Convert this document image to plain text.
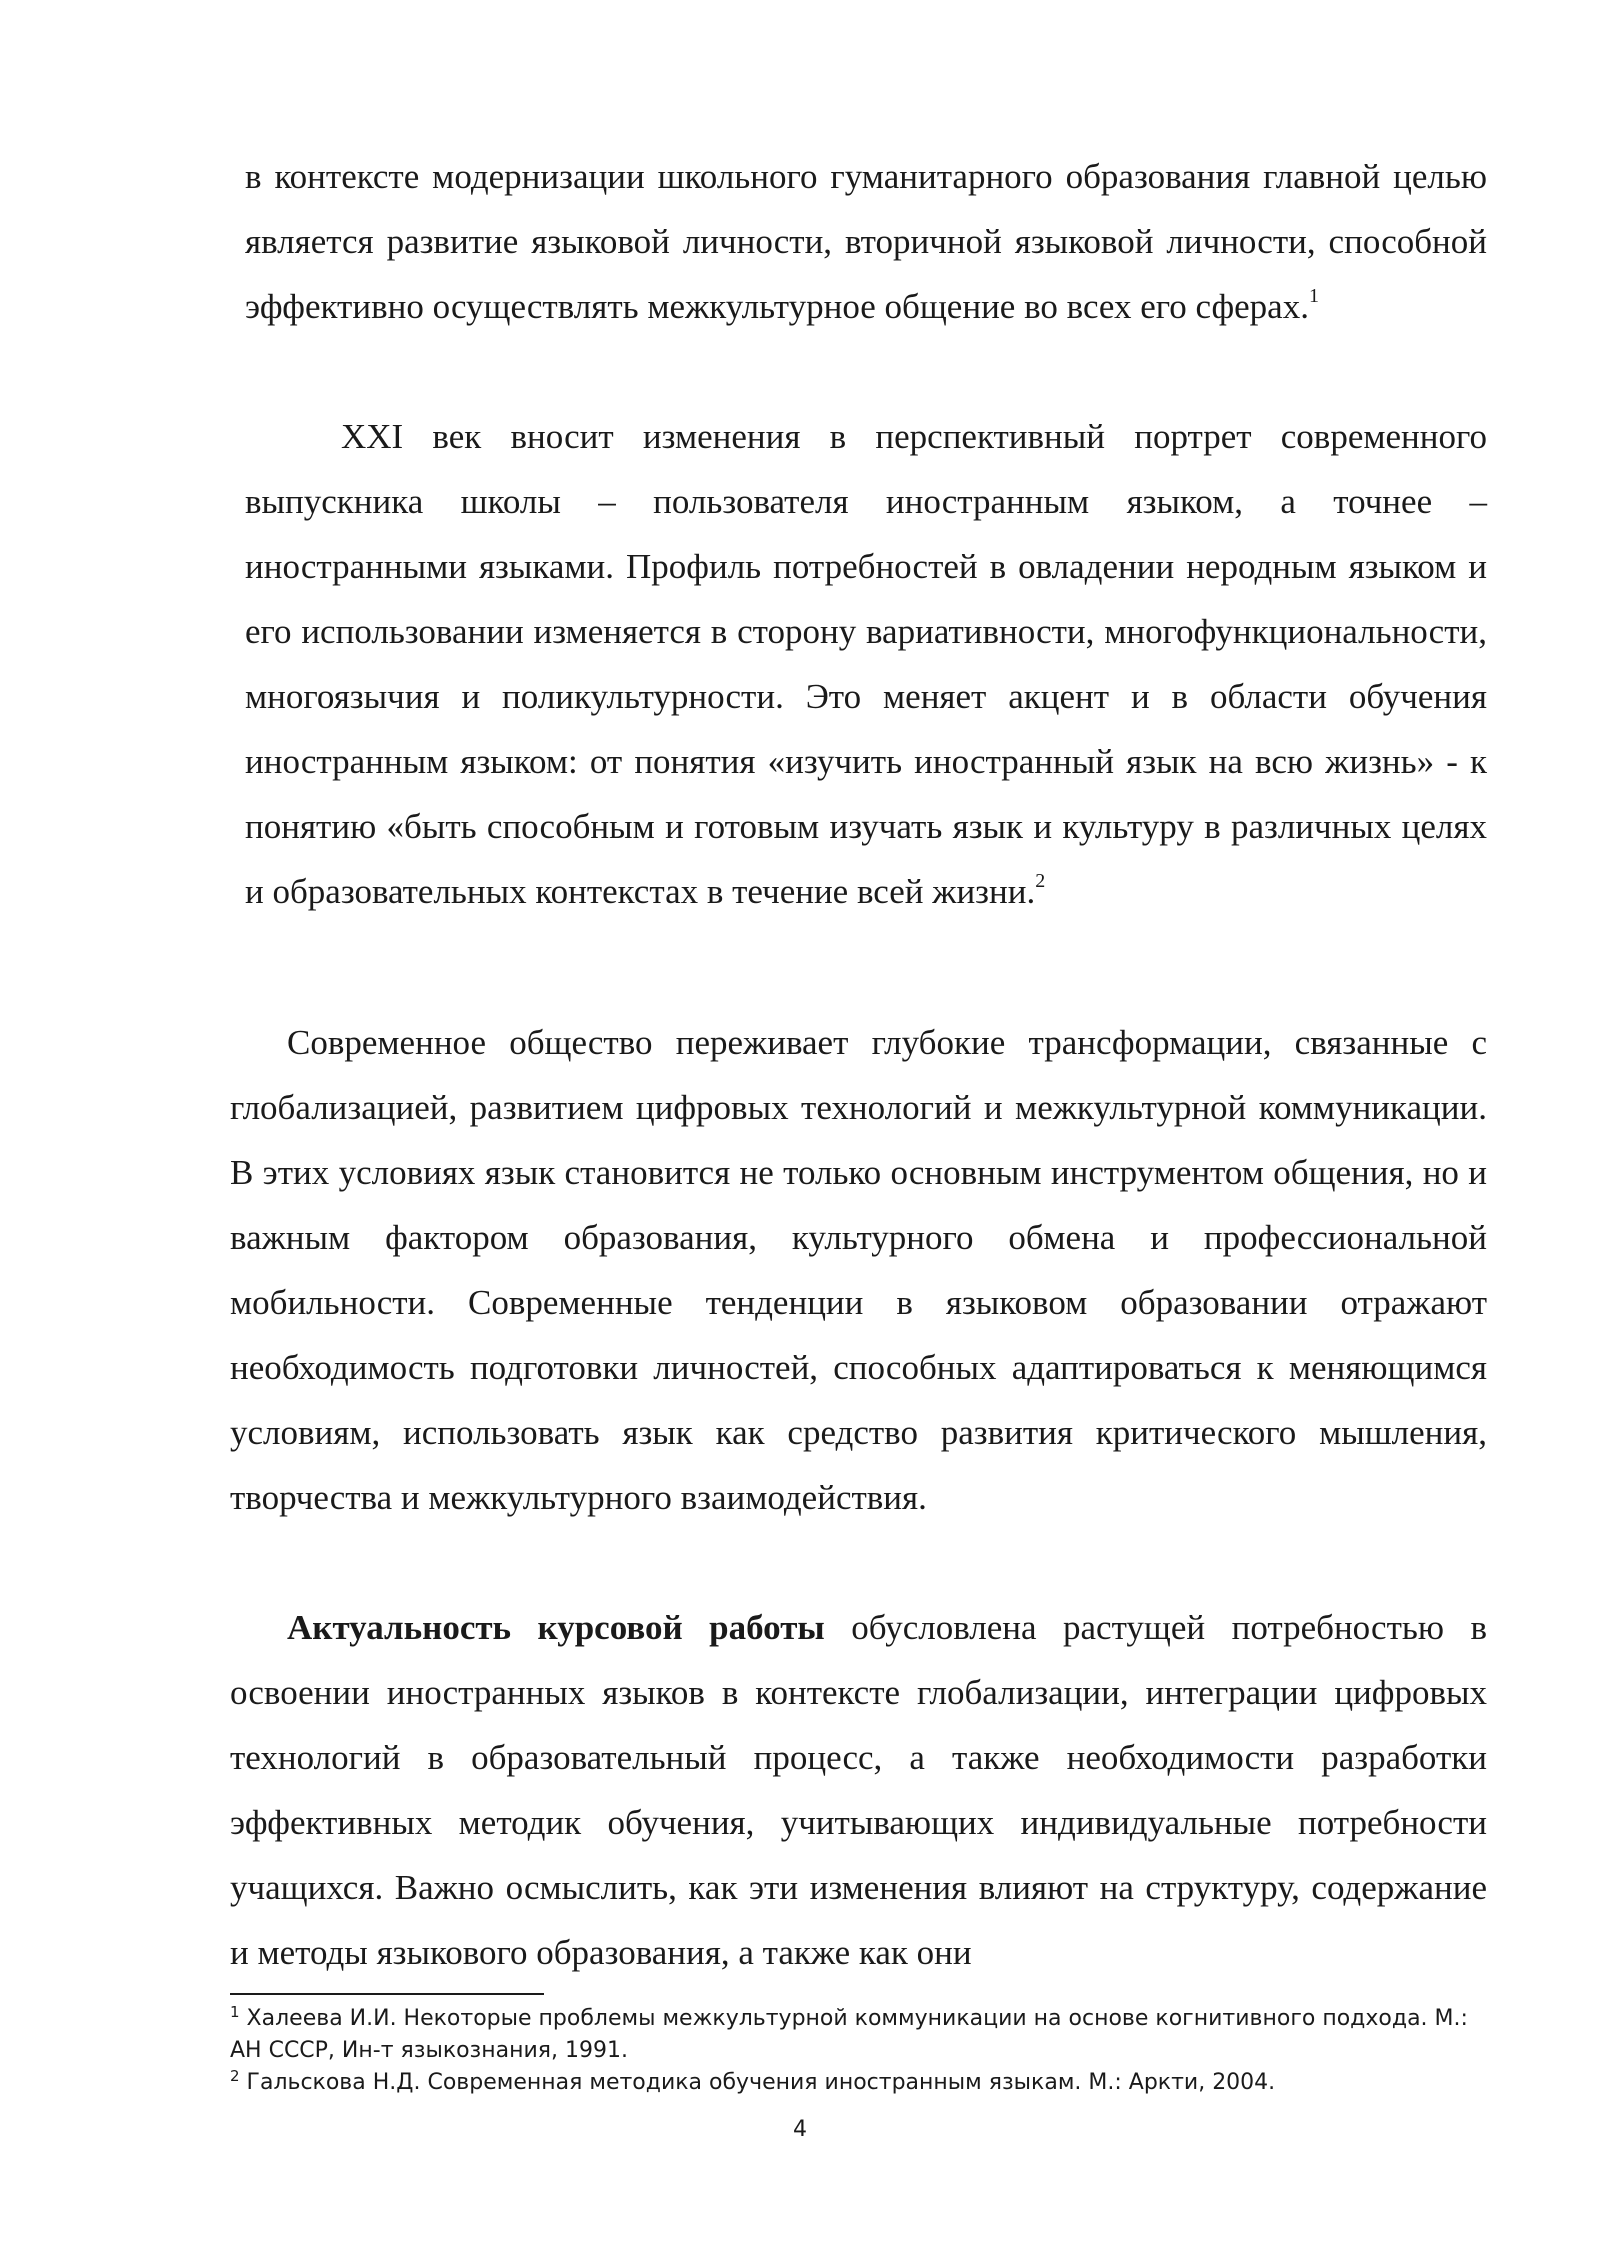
в контексте модернизации школьного гуманитарного образования главной целью является развитие языковой личности, вторичной языковой личности, способной эффективно осуществлять межкультурное общение во всех его сферах.$^1$

XXI век вносит изменения в перспективный портрет современного выпускника школы – пользователя иностранным языком, а точнее – иностранными языками. Профиль потребностей в овладении неродным языком и его использовании изменяется в сторону вариативности, многофункциональности, многоязычия и поликультурности. Это меняет акцент и в области обучения иностранным языком: от понятия «изучить иностранный язык на всю жизнь» - к понятию «быть способным и готовым изучать язык и культуру в различных целях и образовательных контекстах в течение всей жизни.$^2$

Современное общество переживает глубокие трансформации, связанные с глобализацией, развитием цифровых технологий и межкультурной коммуникации. В этих условиях язык становится не только основным инструментом общения, но и важным фактором образования, культурного обмена и профессиональной мобильности. Современные тенденции в языковом образовании отражают необходимость подготовки личностей, способных адаптироваться к меняющимся условиям, использовать язык как средство развития критического мышления, творчества и межкультурного взаимодействия.

Актуальность курсовой работы обусловлена растущей потребностью в освоении иностранных языков в контексте глобализации, интеграции цифровых технологий в образовательный процесс, а также необходимости разработки эффективных методик обучения, учитывающих индивидуальные потребности учащихся. Важно осмыслить, как эти изменения влияют на структуру, содержание и методы языкового образования, а также как они

$^1$ Халеева И.И. Некоторые проблемы межкультурной коммуникации на основе когнитивного подхода. М.: АН СССР, Ин-т языкознания, 1991.

$^2$ Гальскова Н.Д. Современная методика обучения иностранным языкам. М.: Аркти, 2004.

4
